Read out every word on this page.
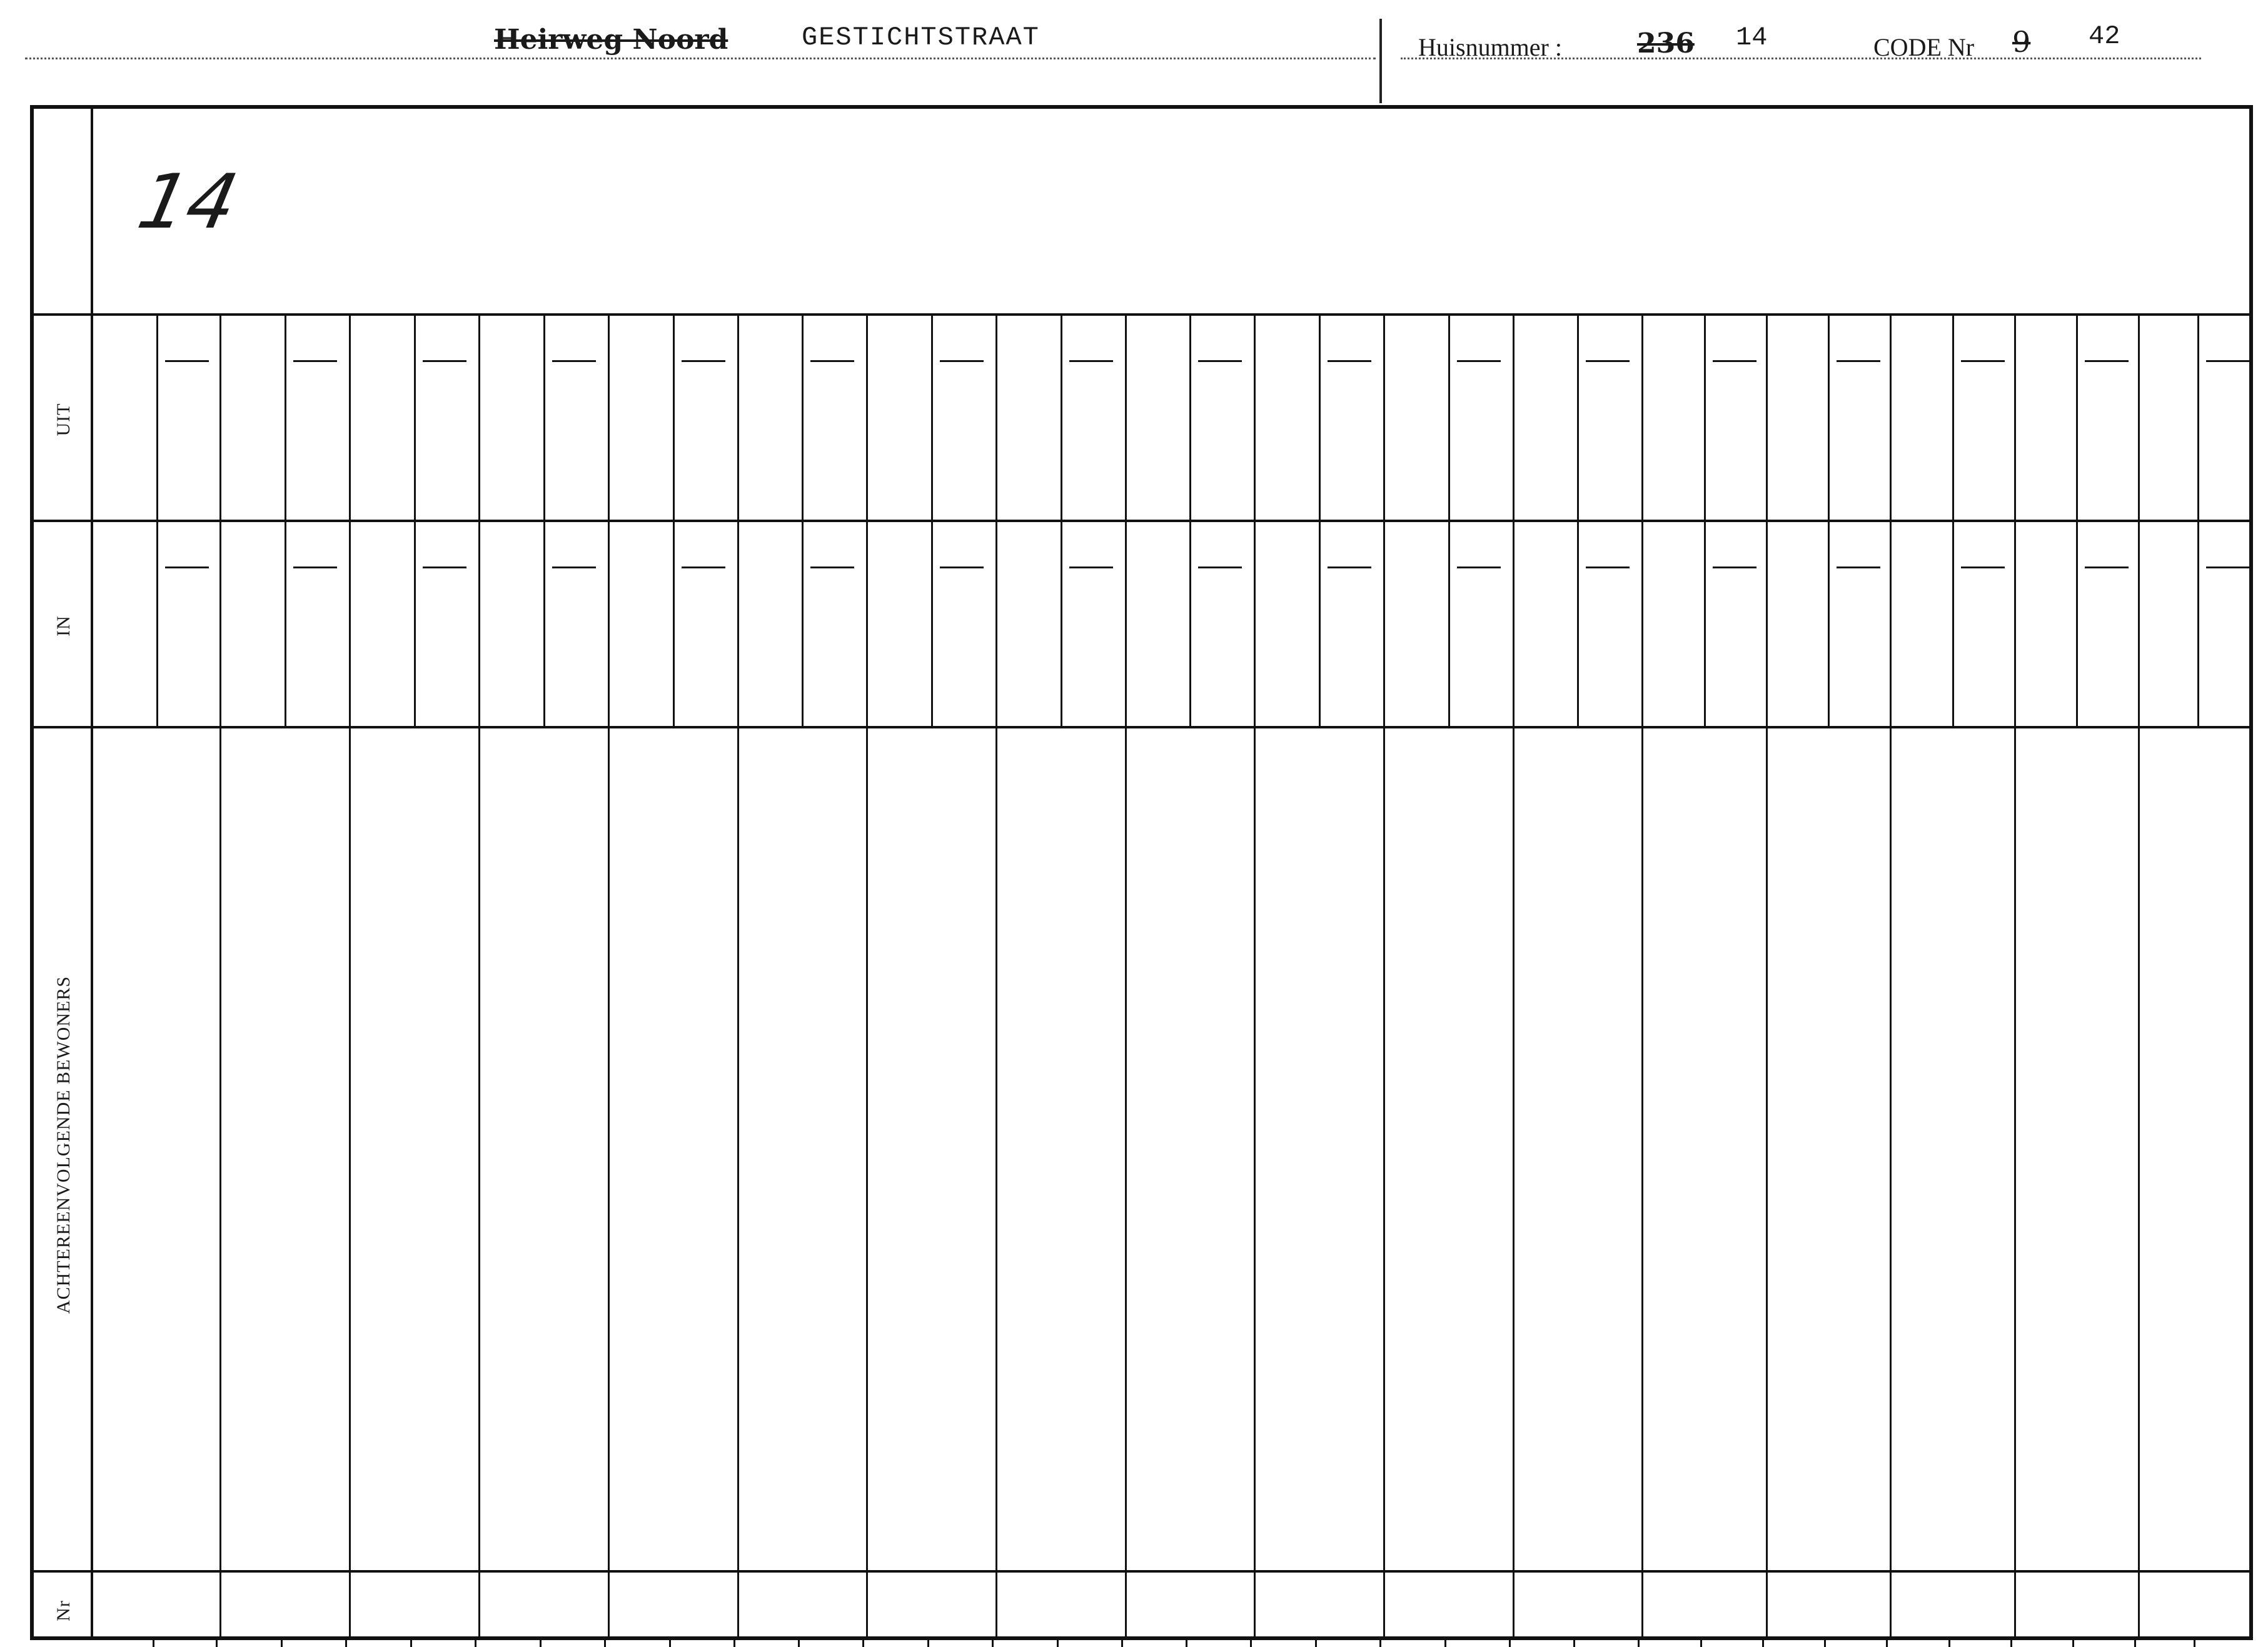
Heirweg Noord	GESTICHTSTRAAT	Huisnummer :	236 14	CODE Nr 9 42
14
UIT
IN
ACHTEREENVOLGENDE BEWONERS
Nr
